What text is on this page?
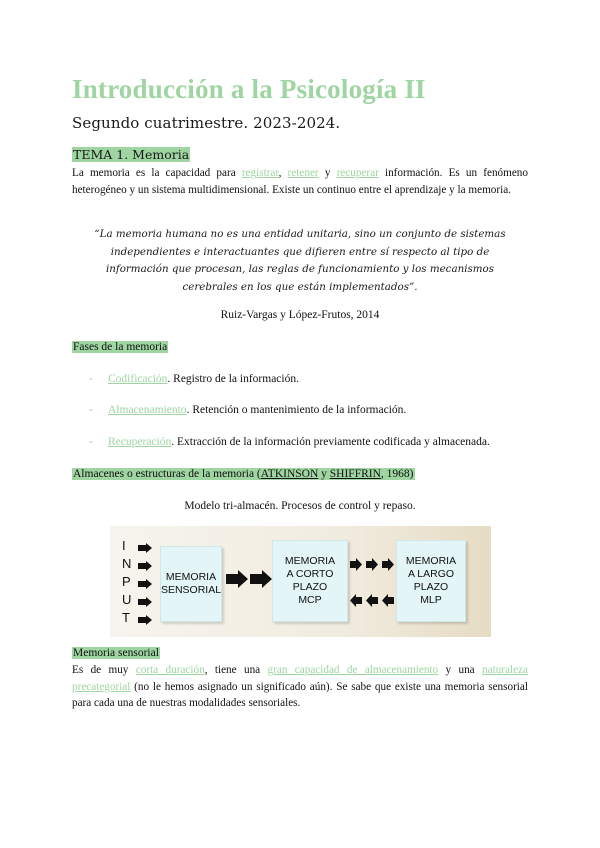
Introducción a la Psicología II
Segundo cuatrimestre. 2023-2024.
TEMA 1. Memoria
La memoria es la capacidad para registrar, retener y recuperar información. Es un fenómeno heterogéneo y un sistema multidimensional. Existe un continuo entre el aprendizaje y la memoria.
“La memoria humana no es una entidad unitaria, sino un conjunto de sistemas independientes e interactuantes que difieren entre sí respecto al tipo de información que procesan, las reglas de funcionamiento y los mecanismos cerebrales en los que están implementados”.
Ruiz-Vargas y López-Frutos, 2014
Fases de la memoria
- Codificación. Registro de la información.
- Almacenamiento. Retención o mantenimiento de la información.
- Recuperación. Extracción de la información previamente codificada y almacenada.
Almacenes o estructuras de la memoria (ATKINSON y SHIFFRIN, 1968)
Modelo tri-almacén. Procesos de control y repaso.
I
N
P
U
T
MEMORIA
SENSORIAL
MEMORIA
A CORTO
PLAZO
MCP
MEMORIA
A LARGO
PLAZO
MLP
Memoria sensorial
Es de muy corta duración, tiene una gran capacidad de almacenamiento y una naturaleza precategorial (no le hemos asignado un significado aún). Se sabe que existe una memoria sensorial para cada una de nuestras modalidades sensoriales.
